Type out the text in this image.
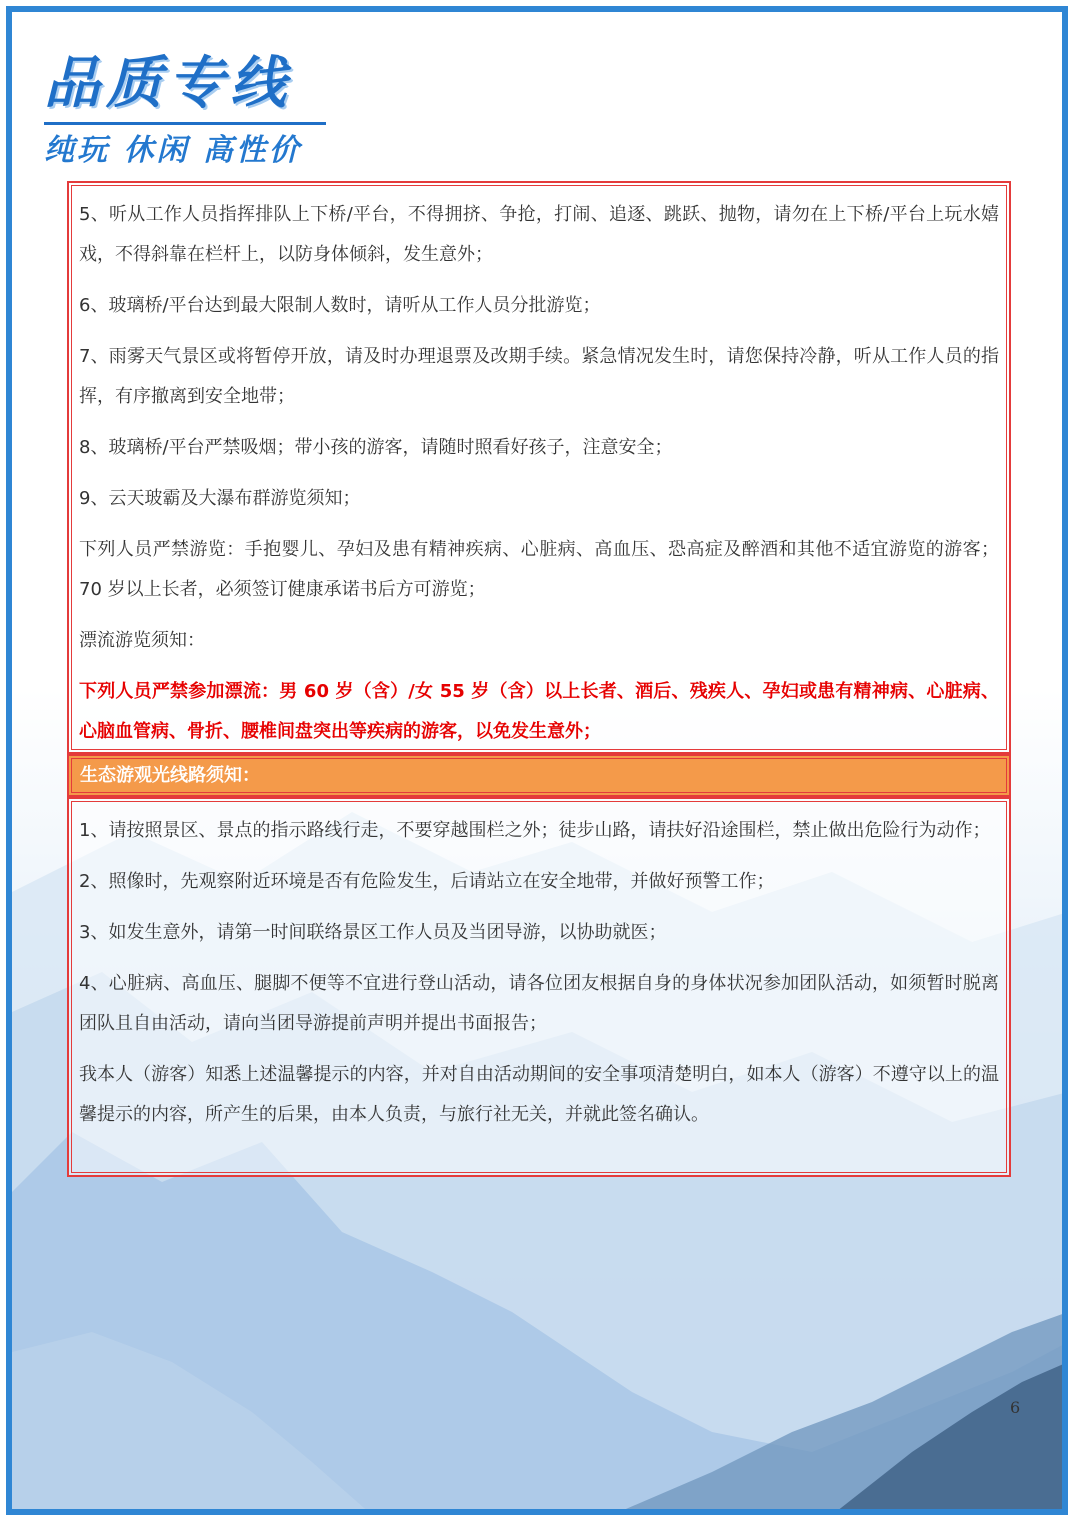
品质专线
纯玩 休闲 高性价

5、听从工作人员指挥排队上下桥/平台，不得拥挤、争抢，打闹、追逐、跳跃、抛物，请勿在上下桥/平台上玩水嬉戏，不得斜靠在栏杆上，以防身体倾斜，发生意外；

6、玻璃桥/平台达到最大限制人数时，请听从工作人员分批游览；

7、雨雾天气景区或将暂停开放，请及时办理退票及改期手续。紧急情况发生时，请您保持冷静，听从工作人员的指挥，有序撤离到安全地带；

8、玻璃桥/平台严禁吸烟；带小孩的游客，请随时照看好孩子，注意安全；

9、云天玻霸及大瀑布群游览须知；

下列人员严禁游览：手抱婴儿、孕妇及患有精神疾病、心脏病、高血压、恐高症及醉酒和其他不适宜游览的游客；70 岁以上长者，必须签订健康承诺书后方可游览；

漂流游览须知：

下列人员严禁参加漂流：男 60 岁（含）/女 55 岁（含）以上长者、酒后、残疾人、孕妇或患有精神病、心脏病、心脑血管病、骨折、腰椎间盘突出等疾病的游客，以免发生意外；

生态游观光线路须知：

1、请按照景区、景点的指示路线行走，不要穿越围栏之外；徒步山路，请扶好沿途围栏，禁止做出危险行为动作；

2、照像时，先观察附近环境是否有危险发生，后请站立在安全地带，并做好预警工作；

3、如发生意外，请第一时间联络景区工作人员及当团导游，以协助就医；

4、心脏病、高血压、腿脚不便等不宜进行登山活动，请各位团友根据自身的身体状况参加团队活动，如须暂时脱离团队且自由活动，请向当团导游提前声明并提出书面报告；

我本人（游客）知悉上述温馨提示的内容，并对自由活动期间的安全事项清楚明白，如本人（游客）不遵守以上的温馨提示的内容，所产生的后果，由本人负责，与旅行社无关，并就此签名确认。

6
